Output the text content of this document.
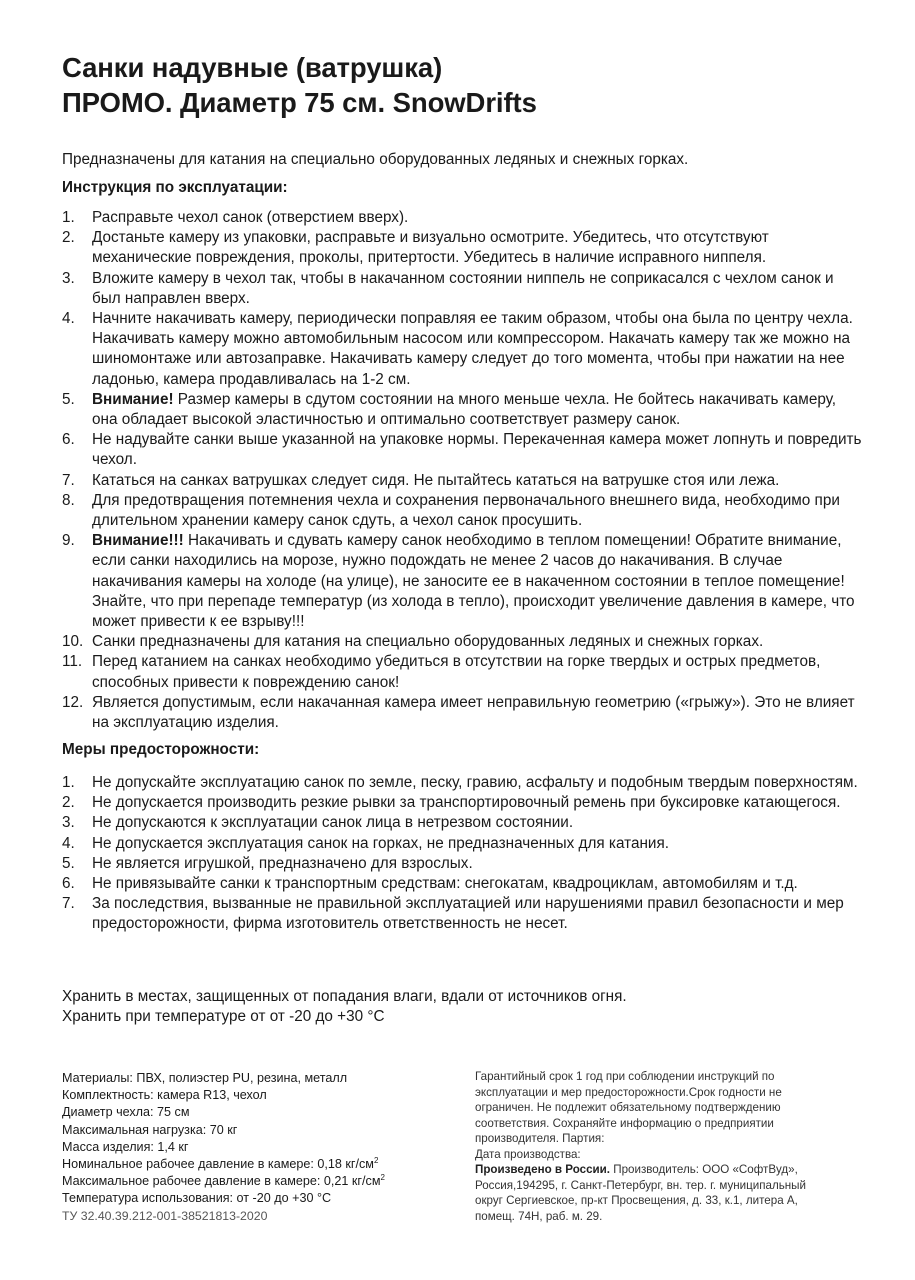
Санки надувные (ватрушка)
ПРОМО. Диаметр 75 см. SnowDrifts
Предназначены для катания на специально оборудованных ледяных и снежных горках.
Инструкция по эксплуатации:
1. Расправьте чехол санок (отверстием вверх).
2. Достаньте камеру из упаковки, расправьте и визуально осмотрите. Убедитесь, что отсутствуют механические повреждения, проколы, притертости. Убедитесь в наличие исправного ниппеля.
3. Вложите камеру в чехол так, чтобы в накачанном состоянии ниппель не соприкасался с чехлом санок и был направлен вверх.
4. Начните накачивать камеру, периодически поправляя ее таким образом, чтобы она была по центру чехла. Накачивать камеру можно автомобильным насосом или компрессором. Накачать камеру так же можно на шиномонтаже или автозаправке. Накачивать камеру следует до того момента, чтобы при нажатии на нее ладонью, камера продавливалась на 1-2 см.
5. Внимание! Размер камеры в сдутом состоянии на много меньше чехла. Не бойтесь накачивать камеру, она обладает высокой эластичностью и оптимально соответствует размеру санок.
6. Не надувайте санки выше указанной на упаковке нормы. Перекаченная камера может лопнуть и повредить чехол.
7. Кататься на санках ватрушках следует сидя. Не пытайтесь кататься на ватрушке стоя или лежа.
8. Для предотвращения потемнения чехла и сохранения первоначального внешнего вида, необходимо при длительном хранении камеру санок сдуть, а чехол санок просушить.
9. Внимание!!! Накачивать и сдувать камеру санок необходимо в теплом помещении! Обратите внимание, если санки находились на морозе, нужно подождать не менее 2 часов до накачивания. В случае накачивания камеры на холоде (на улице), не заносите ее в накаченном состоянии в теплое помещение! Знайте, что при перепаде температур (из холода в тепло), происходит увеличение давления в камере, что может привести к ее взрыву!!!
10. Санки предназначены для катания на специально оборудованных ледяных и снежных горках.
11. Перед катанием на санках необходимо убедиться в отсутствии на горке твердых и острых предметов, способных привести к повреждению санок!
12. Является допустимым, если накачанная камера имеет неправильную геометрию («грыжу»). Это не влияет на эксплуатацию изделия.
Меры предосторожности:
1. Не допускайте эксплуатацию санок по земле, песку, гравию, асфальту и подобным твердым поверхностям.
2. Не допускается производить резкие рывки за транспортировочный ремень при буксировке катающегося.
3. Не допускаются к эксплуатации санок лица в нетрезвом состоянии.
4. Не допускается эксплуатация санок на горках, не предназначенных для катания.
5. Не является игрушкой, предназначено для взрослых.
6. Не привязывайте санки к транспортным средствам: снегокатам, квадроциклам, автомобилям и т.д.
7. За последствия, вызванные не правильной эксплуатацией или нарушениями правил безопасности и мер предосторожности, фирма изготовитель ответственность не несет.
Хранить в местах, защищенных от попадания влаги, вдали от источников огня.
Хранить при температуре от от -20 до +30 °С
Материалы: ПВХ, полиэстер PU, резина, металл
Комплектность: камера R13, чехол
Диаметр чехла: 75 см
Максимальная нагрузка: 70 кг
Масса изделия: 1,4 кг
Номинальное рабочее давление в камере: 0,18 $кг/см^2$
Максимальное рабочее давление в камере: 0,21 $кг/см^2$
Температура использования: от -20 до +30 °С
ТУ 32.40.39.212-001-38521813-2020
Гарантийный срок 1 год при соблюдении инструкций по эксплуатации и мер предосторожности.Срок годности не ограничен. Не подлежит обязательному подтверждению соответствия. Сохраняйте информацию о предприятии производителя. Партия:
Дата производства:
Произведено в России. Производитель: ООО «СофтВуд», Россия,194295, г. Санкт-Петербург, вн. тер. г. муниципальный округ Сергиевское, пр-кт Просвещения, д. 33, к.1, литера А, помещ. 74Н, раб. м. 29.
